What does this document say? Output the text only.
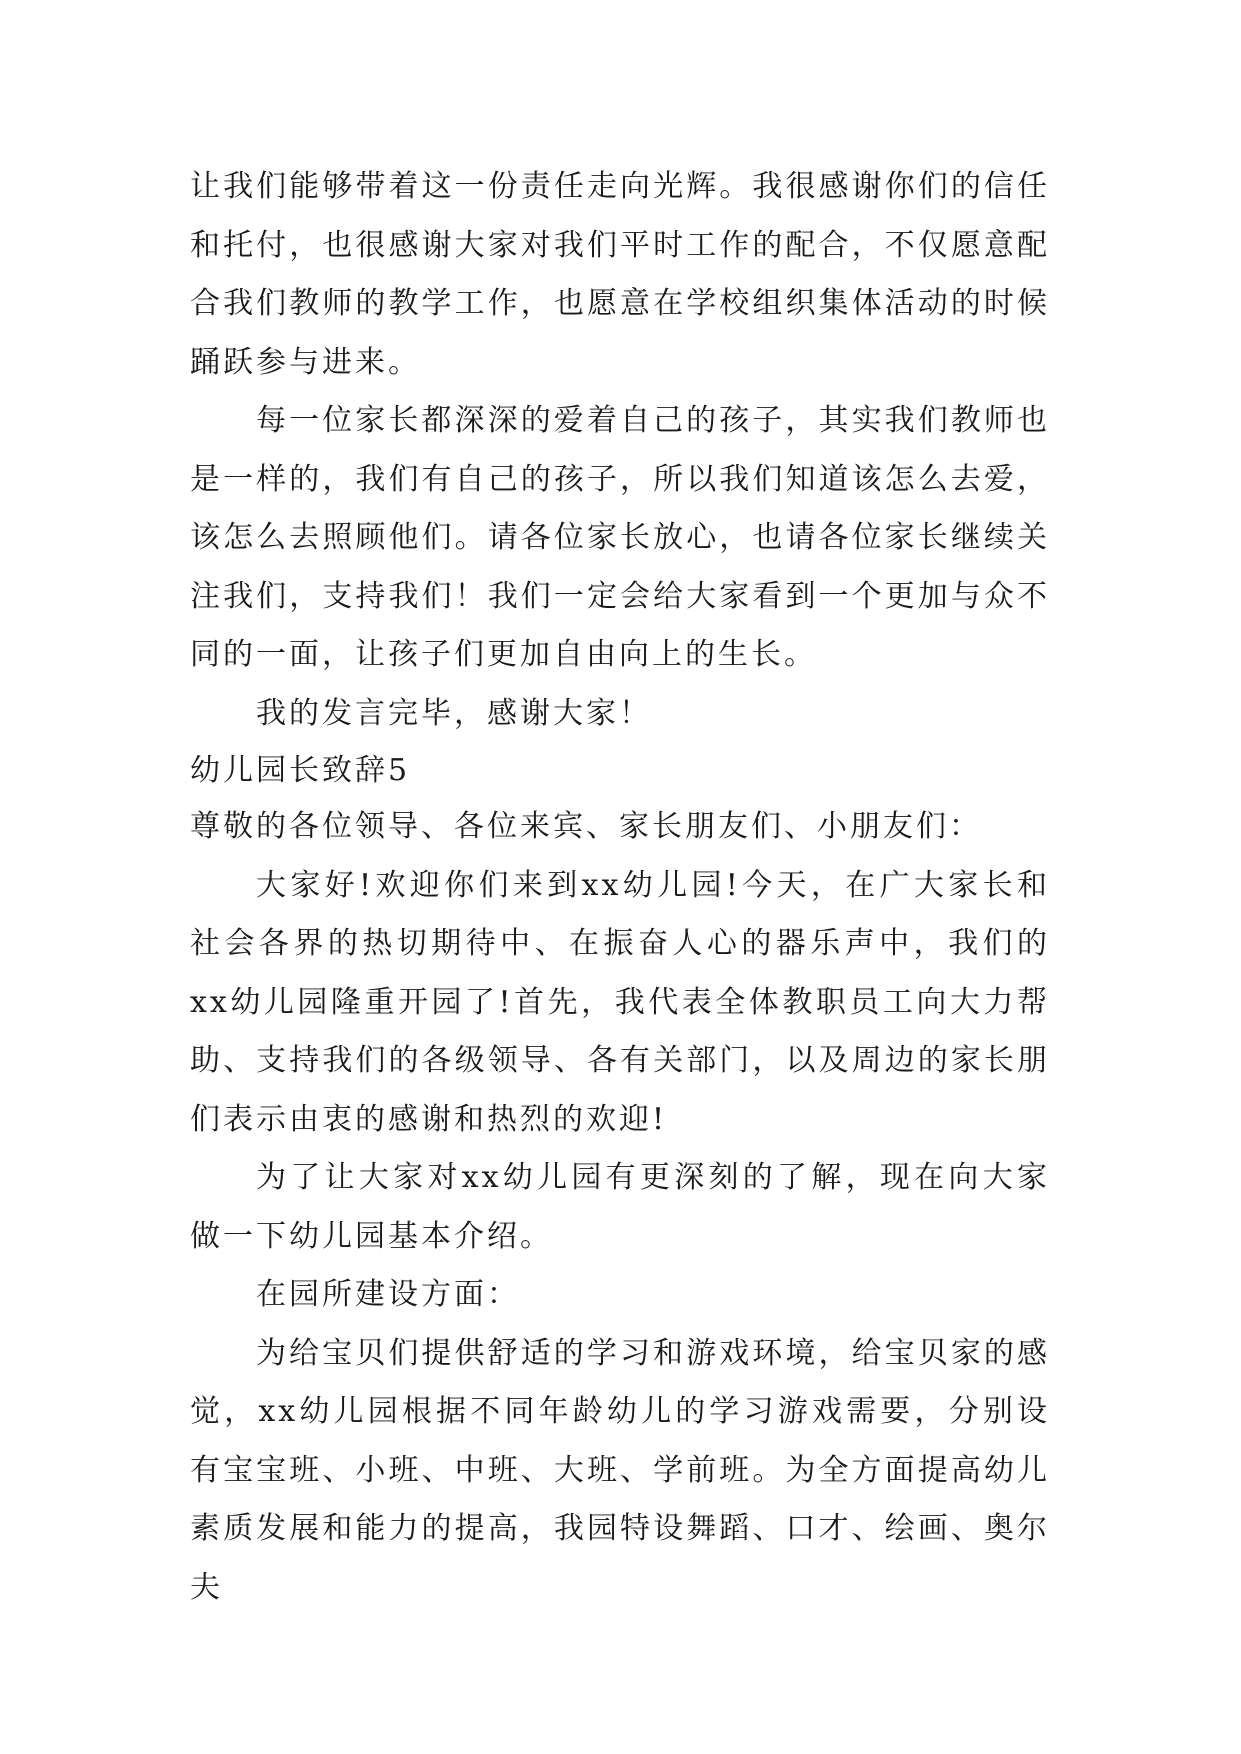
让我们能够带着这一份责任走向光辉。我很感谢你们的信任和托付，也很感谢大家对我们平时工作的配合，不仅愿意配合我们教师的教学工作，也愿意在学校组织集体活动的时候踊跃参与进来。

每一位家长都深深的爱着自己的孩子，其实我们教师也是一样的，我们有自己的孩子，所以我们知道该怎么去爱，该怎么去照顾他们。请各位家长放心，也请各位家长继续关注我们，支持我们！我们一定会给大家看到一个更加与众不同的一面，让孩子们更加自由向上的生长。

我的发言完毕，感谢大家！

幼儿园长致辞5

尊敬的各位领导、各位来宾、家长朋友们、小朋友们：

大家好!欢迎你们来到xx幼儿园!今天，在广大家长和社会各界的热切期待中、在振奋人心的器乐声中，我们的xx幼儿园隆重开园了!首先，我代表全体教职员工向大力帮助、支持我们的各级领导、各有关部门，以及周边的家长朋们表示由衷的感谢和热烈的欢迎!

为了让大家对xx幼儿园有更深刻的了解，现在向大家做一下幼儿园基本介绍。

在园所建设方面：

为给宝贝们提供舒适的学习和游戏环境，给宝贝家的感觉，xx幼儿园根据不同年龄幼儿的学习游戏需要，分别设有宝宝班、小班、中班、大班、学前班。为全方面提高幼儿素质发展和能力的提高，我园特设舞蹈、口才、绘画、奥尔夫
